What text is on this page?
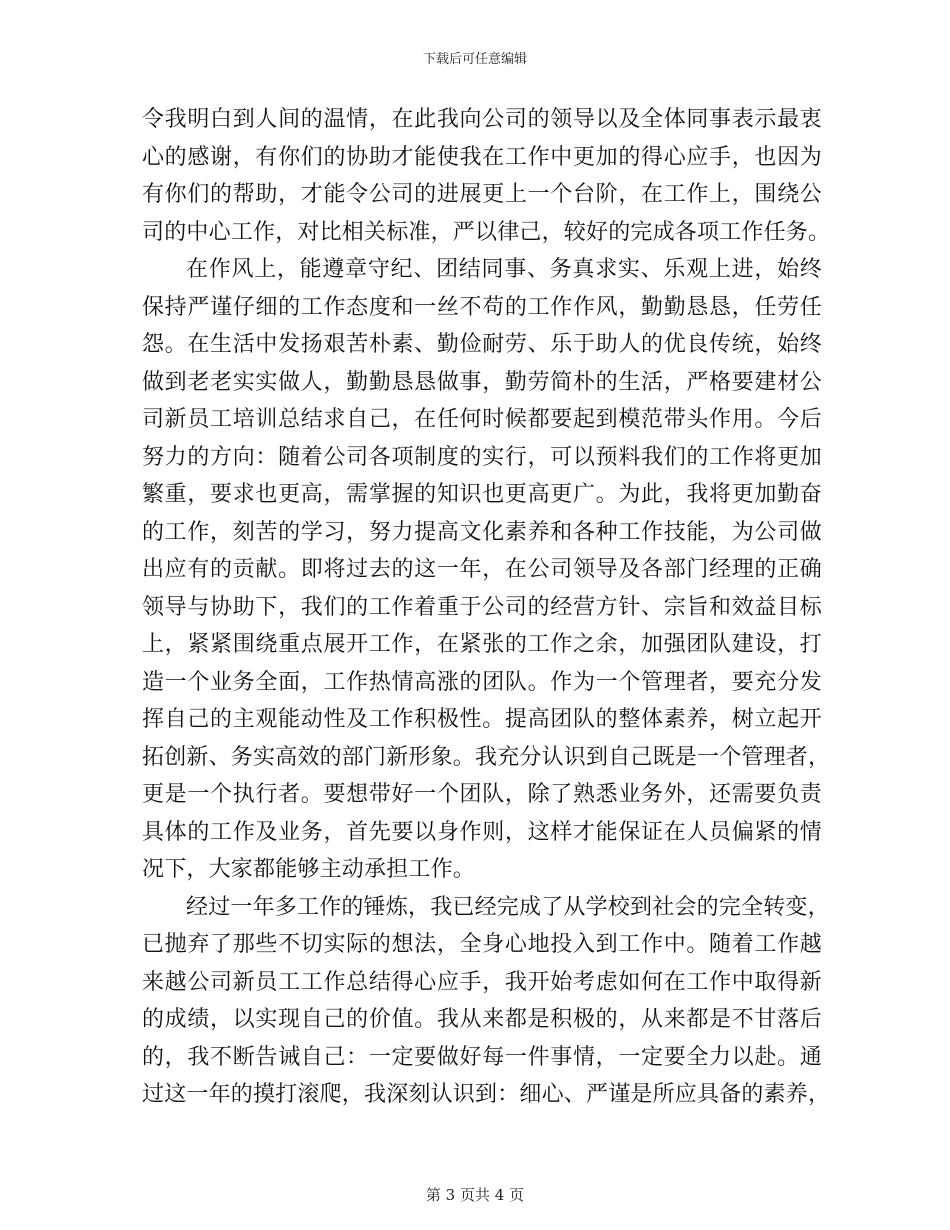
下载后可任意编辑
令我明白到人间的温情，在此我向公司的领导以及全体同事表示最衷
心的感谢，有你们的协助才能使我在工作中更加的得心应手，也因为
有你们的帮助，才能令公司的进展更上一个台阶，在工作上，围绕公
司的中心工作，对比相关标准，严以律己，较好的完成各项工作任务。
在作风上，能遵章守纪、团结同事、务真求实、乐观上进，始终
保持严谨仔细的工作态度和一丝不苟的工作作风，勤勤恳恳，任劳任
怨。在生活中发扬艰苦朴素、勤俭耐劳、乐于助人的优良传统，始终
做到老老实实做人，勤勤恳恳做事，勤劳简朴的生活，严格要建材公
司新员工培训总结求自己，在任何时候都要起到模范带头作用。今后
努力的方向：随着公司各项制度的实行，可以预料我们的工作将更加
繁重，要求也更高，需掌握的知识也更高更广。为此，我将更加勤奋
的工作，刻苦的学习，努力提高文化素养和各种工作技能，为公司做
出应有的贡献。即将过去的这一年，在公司领导及各部门经理的正确
领导与协助下，我们的工作着重于公司的经营方针、宗旨和效益目标
上，紧紧围绕重点展开工作，在紧张的工作之余，加强团队建设，打
造一个业务全面，工作热情高涨的团队。作为一个管理者，要充分发
挥自己的主观能动性及工作积极性。提高团队的整体素养，树立起开
拓创新、务实高效的部门新形象。我充分认识到自己既是一个管理者，
更是一个执行者。要想带好一个团队，除了熟悉业务外，还需要负责
具体的工作及业务，首先要以身作则，这样才能保证在人员偏紧的情
况下，大家都能够主动承担工作。
经过一年多工作的锤炼，我已经完成了从学校到社会的完全转变，
已抛弃了那些不切实际的想法，全身心地投入到工作中。随着工作越
来越公司新员工工作总结得心应手，我开始考虑如何在工作中取得新
的成绩，以实现自己的价值。我从来都是积极的，从来都是不甘落后
的，我不断告诫自己：一定要做好每一件事情，一定要全力以赴。通
过这一年的摸打滚爬，我深刻认识到：细心、严谨是所应具备的素养，
第 3 页共 4 页
